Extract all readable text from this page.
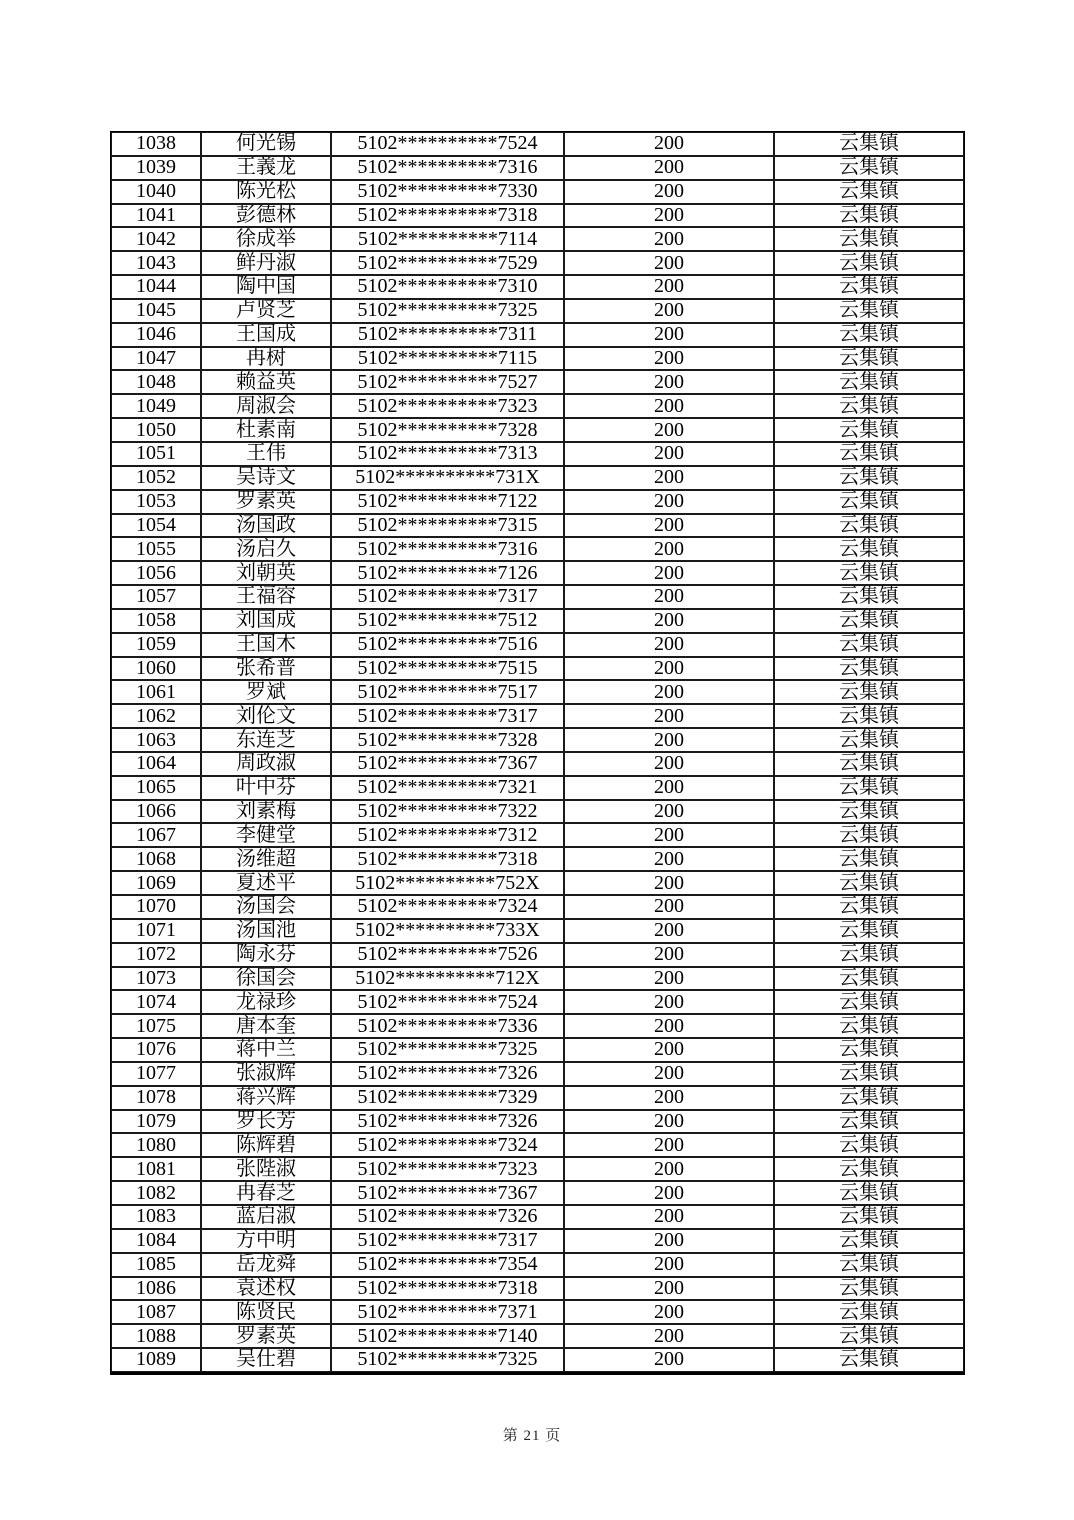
1038	何光锡	5102**********7524	200	云集镇
1039	王義龙	5102**********7316	200	云集镇
1040	陈光松	5102**********7330	200	云集镇
1041	彭德林	5102**********7318	200	云集镇
1042	徐成举	5102**********7114	200	云集镇
1043	鲜丹淑	5102**********7529	200	云集镇
1044	陶中国	5102**********7310	200	云集镇
1045	卢贤芝	5102**********7325	200	云集镇
1046	王国成	5102**********7311	200	云集镇
1047	冉树	5102**********7115	200	云集镇
1048	赖益英	5102**********7527	200	云集镇
1049	周淑会	5102**********7323	200	云集镇
1050	杜素南	5102**********7328	200	云集镇
1051	王伟	5102**********7313	200	云集镇
1052	吴诗文	5102**********731X	200	云集镇
1053	罗素英	5102**********7122	200	云集镇
1054	汤国政	5102**********7315	200	云集镇
1055	汤启久	5102**********7316	200	云集镇
1056	刘朝英	5102**********7126	200	云集镇
1057	王福容	5102**********7317	200	云集镇
1058	刘国成	5102**********7512	200	云集镇
1059	王国木	5102**********7516	200	云集镇
1060	张希普	5102**********7515	200	云集镇
1061	罗斌	5102**********7517	200	云集镇
1062	刘伦文	5102**********7317	200	云集镇
1063	东连芝	5102**********7328	200	云集镇
1064	周政淑	5102**********7367	200	云集镇
1065	叶中芬	5102**********7321	200	云集镇
1066	刘素梅	5102**********7322	200	云集镇
1067	李健堂	5102**********7312	200	云集镇
1068	汤维超	5102**********7318	200	云集镇
1069	夏述平	5102**********752X	200	云集镇
1070	汤国会	5102**********7324	200	云集镇
1071	汤国池	5102**********733X	200	云集镇
1072	陶永芬	5102**********7526	200	云集镇
1073	徐国会	5102**********712X	200	云集镇
1074	龙禄珍	5102**********7524	200	云集镇
1075	唐本奎	5102**********7336	200	云集镇
1076	蒋中兰	5102**********7325	200	云集镇
1077	张淑辉	5102**********7326	200	云集镇
1078	蒋兴辉	5102**********7329	200	云集镇
1079	罗长芳	5102**********7326	200	云集镇
1080	陈辉碧	5102**********7324	200	云集镇
1081	张陛淑	5102**********7323	200	云集镇
1082	冉春芝	5102**********7367	200	云集镇
1083	蓝启淑	5102**********7326	200	云集镇
1084	方中明	5102**********7317	200	云集镇
1085	岳龙舜	5102**********7354	200	云集镇
1086	袁述权	5102**********7318	200	云集镇
1087	陈贤民	5102**********7371	200	云集镇
1088	罗素英	5102**********7140	200	云集镇
1089	吴仕碧	5102**********7325	200	云集镇
第 21 页
